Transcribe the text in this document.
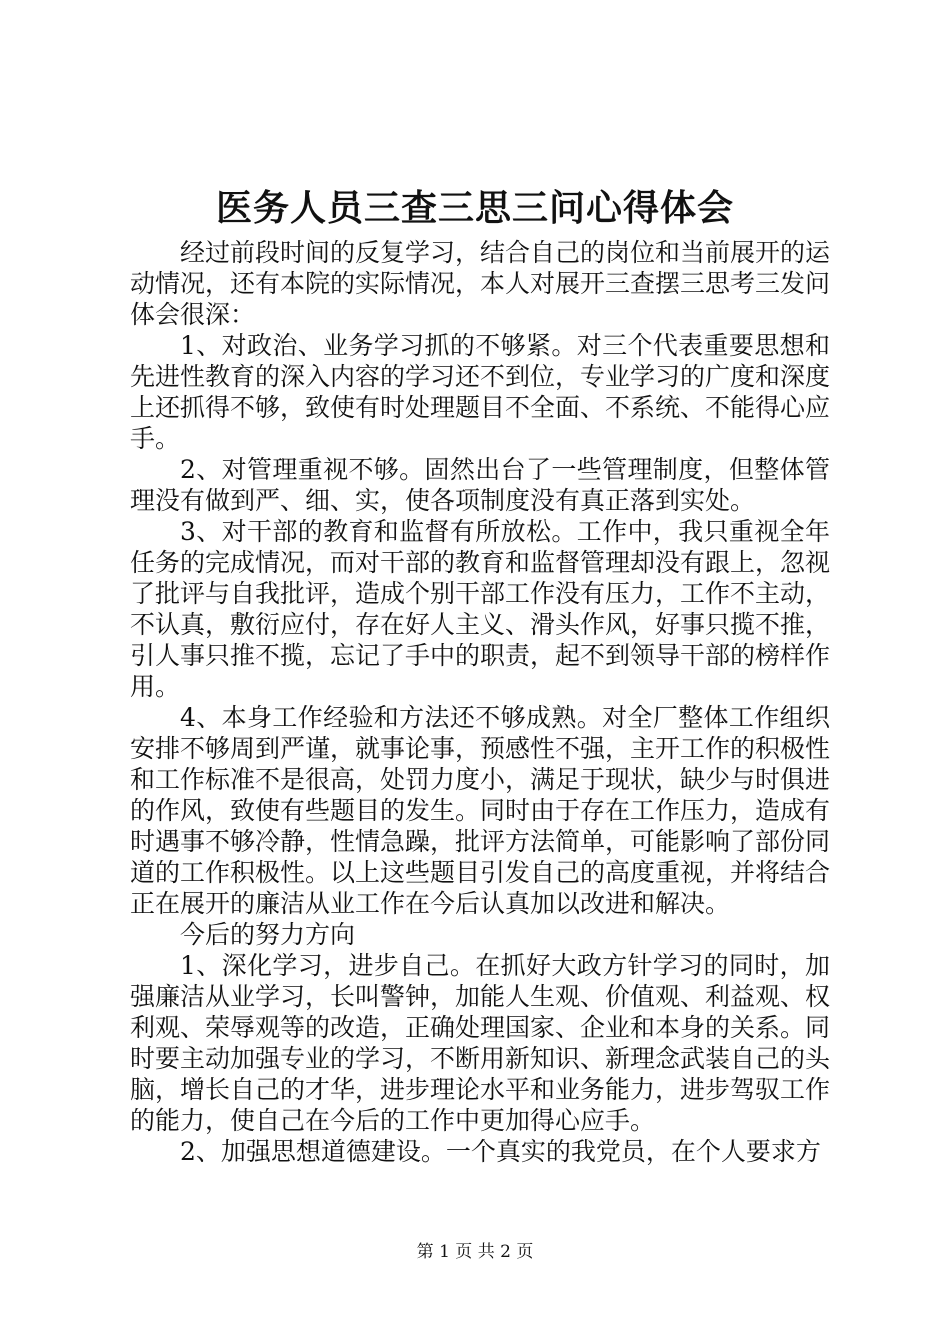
医务人员三查三思三问心得体会

经过前段时间的反复学习，结合自己的岗位和当前展开的运动情况，还有本院的实际情况，本人对展开三查摆三思考三发问体会很深：

1、对政治、业务学习抓的不够紧。对三个代表重要思想和先进性教育的深入内容的学习还不到位，专业学习的广度和深度上还抓得不够，致使有时处理题目不全面、不系统、不能得心应手。

2、对管理重视不够。固然出台了一些管理制度，但整体管理没有做到严、细、实，使各项制度没有真正落到实处。

3、对干部的教育和监督有所放松。工作中，我只重视全年任务的完成情况，而对干部的教育和监督管理却没有跟上，忽视了批评与自我批评，造成个别干部工作没有压力，工作不主动，不认真，敷衍应付，存在好人主义、滑头作风，好事只揽不推，引人事只推不揽，忘记了手中的职责，起不到领导干部的榜样作用。

4、本身工作经验和方法还不够成熟。对全厂整体工作组织安排不够周到严谨，就事论事，预感性不强，主开工作的积极性和工作标准不是很高，处罚力度小，满足于现状，缺少与时俱进的作风，致使有些题目的发生。同时由于存在工作压力，造成有时遇事不够冷静，性情急躁，批评方法简单，可能影响了部份同道的工作积极性。以上这些题目引发自己的高度重视，并将结合正在展开的廉洁从业工作在今后认真加以改进和解决。

今后的努力方向

1、深化学习，进步自己。在抓好大政方针学习的同时，加强廉洁从业学习，长叫警钟，加能人生观、价值观、利益观、权利观、荣辱观等的改造，正确处理国家、企业和本身的关系。同时要主动加强专业的学习，不断用新知识、新理念武装自己的头脑，增长自己的才华，进步理论水平和业务能力，进步驾驭工作的能力，使自己在今后的工作中更加得心应手。

2、加强思想道德建设。一个真实的我党员，在个人要求方

第 1 页 共 2 页
